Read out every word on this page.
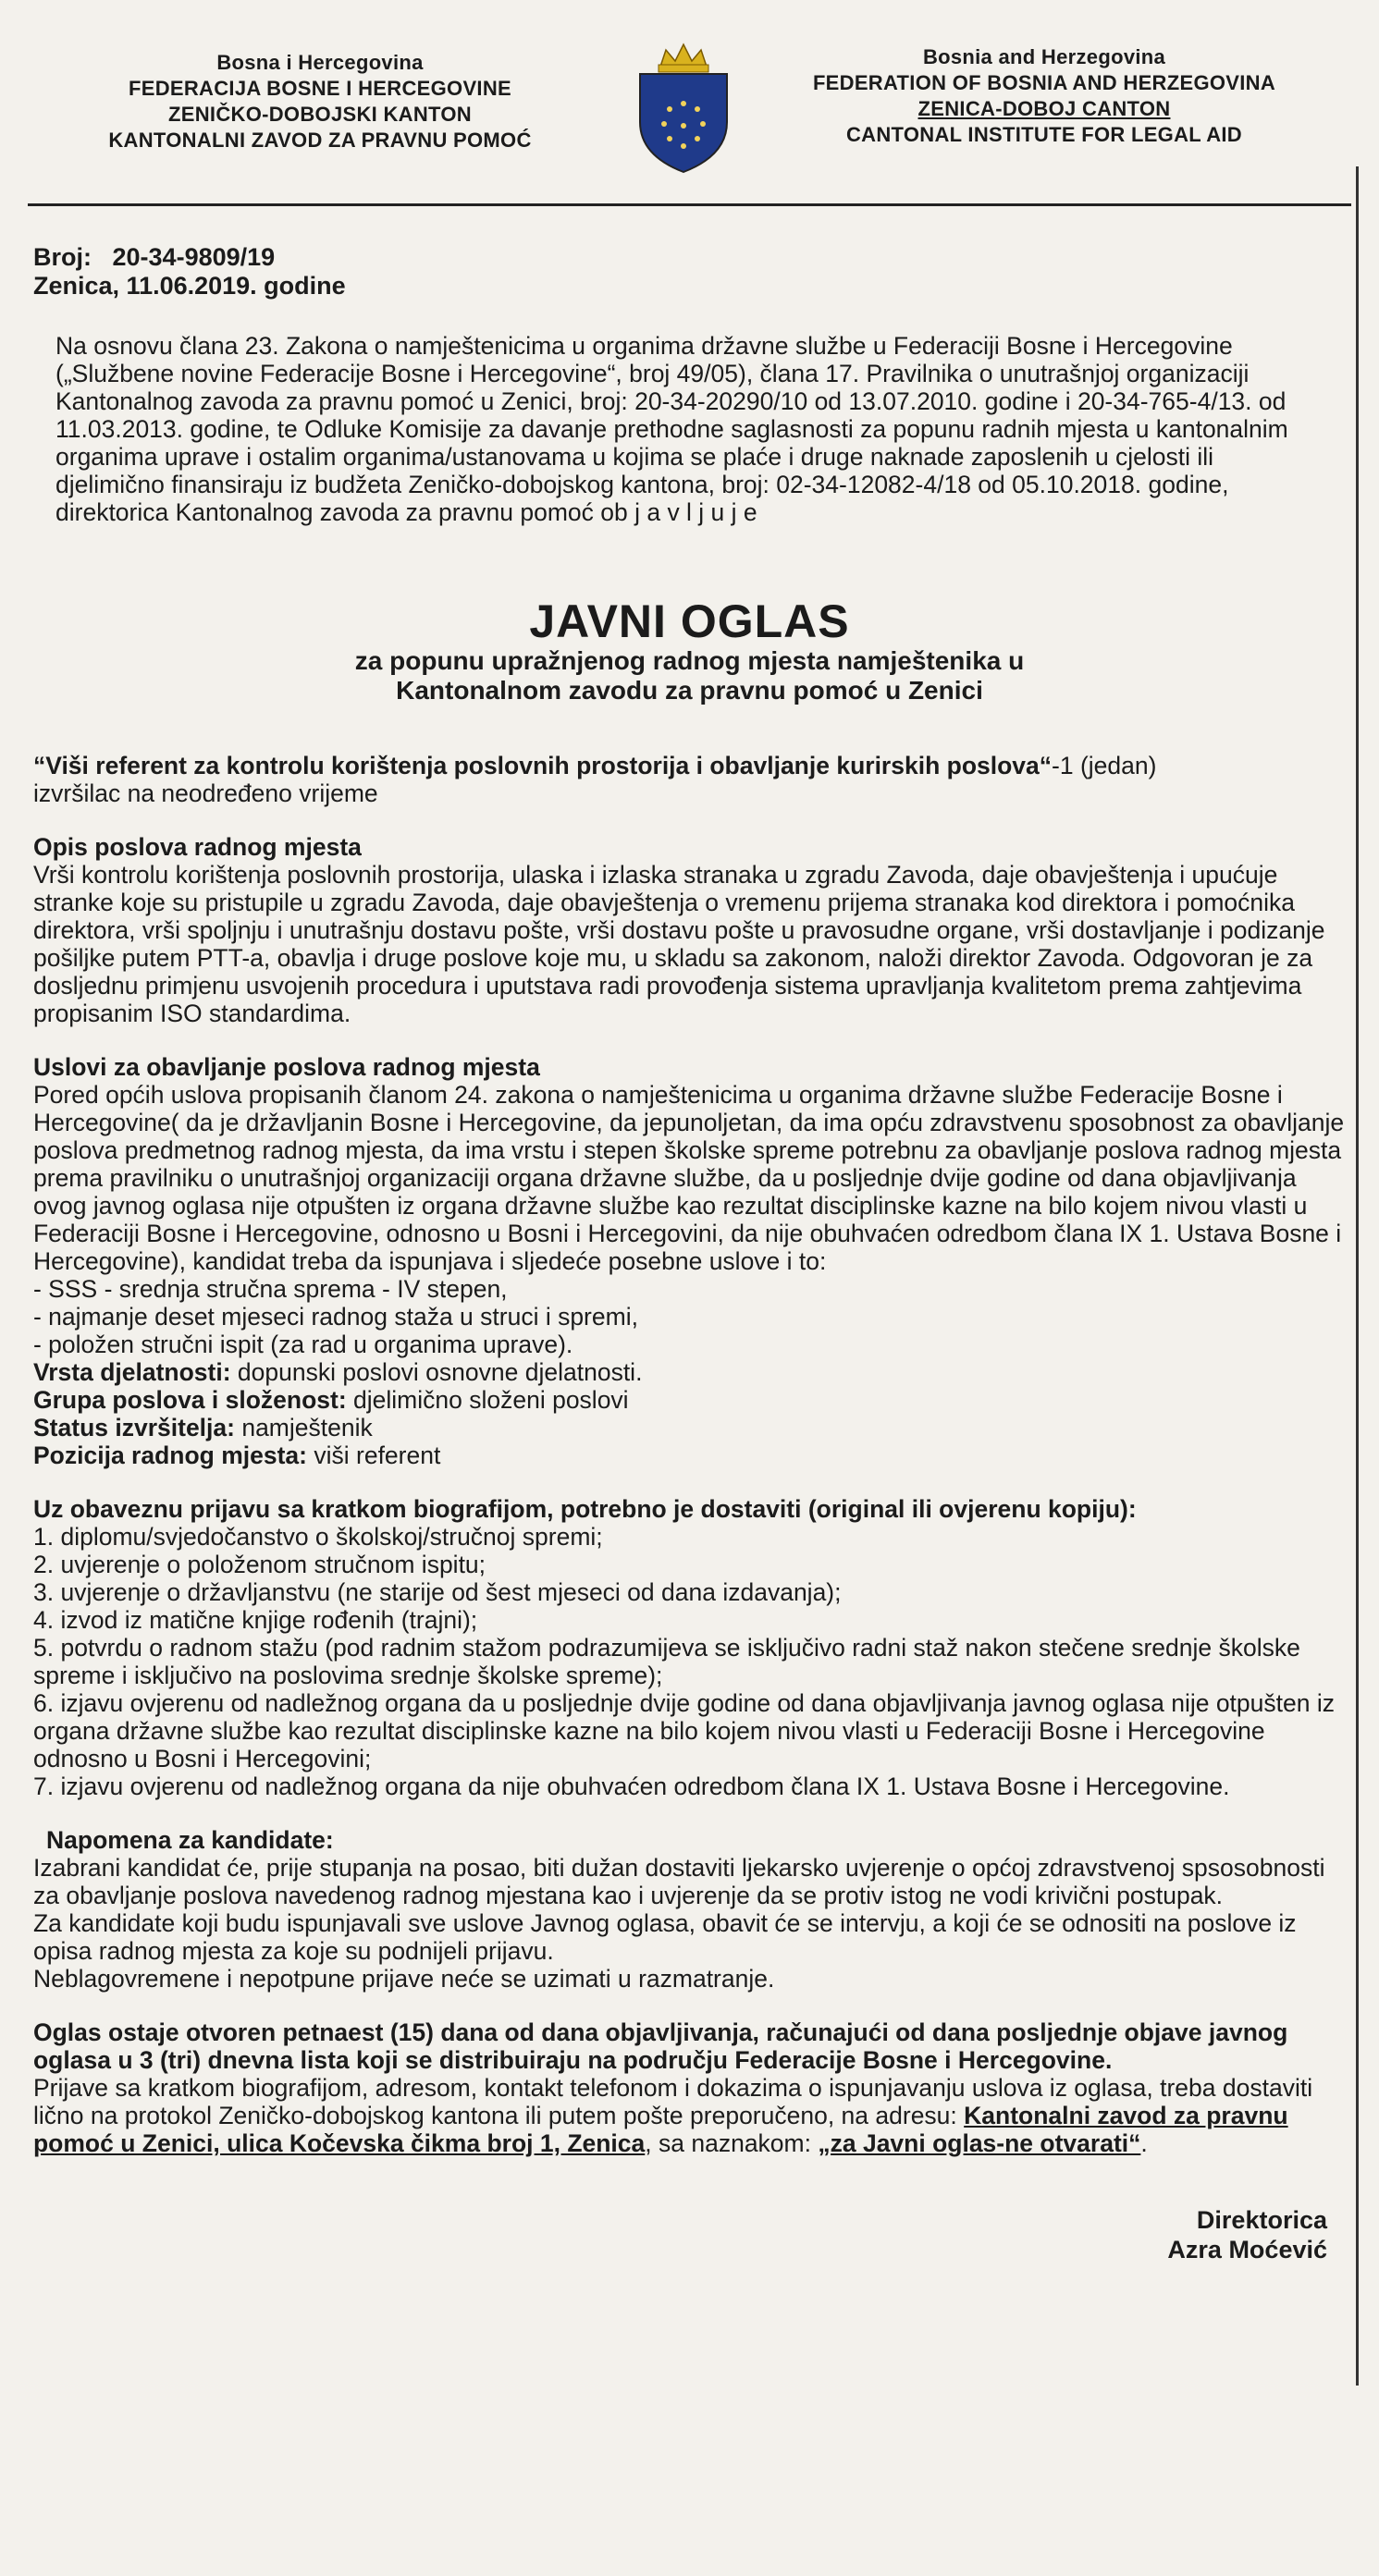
Bosna i Hercegovina
FEDERACIJA BOSNE I HERCEGOVINE
ZENIČKO-DOBOJSKI KANTON
KANTONALNI ZAVOD ZA PRAVNU POMOĆ
Bosnia and Herzegovina
FEDERATION OF BOSNIA AND HERZEGOVINA
ZENICA-DOBOJ CANTON
CANTONAL INSTITUTE FOR LEGAL AID
Broj: 20-34-9809/19
Zenica, 11.06.2019. godine

Na osnovu člana 23. Zakona o namještenicima u organima državne službe u Federaciji Bosne i Hercegovine („Službene novine Federacije Bosne i Hercegovine“, broj 49/05), člana 17. Pravilnika o unutrašnjoj organizaciji Kantonalnog zavoda za pravnu pomoć u Zenici, broj: 20-34-20290/10 od 13.07.2010. godine i 20-34-765-4/13. od 11.03.2013. godine, te Odluke Komisije za davanje prethodne saglasnosti za popunu radnih mjesta u kantonalnim organima uprave i ostalim organima/ustanovama u kojima se plaće i druge naknade zaposlenih u cjelosti ili djelimično finansiraju iz budžeta Zeničko-dobojskog kantona, broj: 02-34-12082-4/18 od 05.10.2018. godine, direktorica Kantonalnog zavoda za pravnu pomoć ob j a v l j u j e

JAVNI OGLAS
za popunu upražnjenog radnog mjesta namještenika u
Kantonalnom zavodu za pravnu pomoć u Zenici
“Viši referent za kontrolu korištenja poslovnih prostorija i obavljanje kurirskih poslova“-1 (jedan)
izvršilac na neodređeno vrijeme
Opis poslova radnog mjesta
Vrši kontrolu korištenja poslovnih prostorija, ulaska i izlaska stranaka u zgradu Zavoda, daje obavještenja i upućuje stranke koje su pristupile u zgradu Zavoda, daje obavještenja o vremenu prijema stranaka kod direktora i pomoćnika direktora, vrši spoljnju i unutrašnju dostavu pošte, vrši dostavu pošte u pravosudne organe, vrši dostavljanje i podizanje pošiljke putem PTT-a, obavlja i druge poslove koje mu, u skladu sa zakonom, naloži direktor Zavoda. Odgovoran je za dosljednu primjenu usvojenih procedura i uputstava radi provođenja sistema upravljanja kvalitetom prema zahtjevima propisanim ISO standardima.
Uslovi za obavljanje poslova radnog mjesta
Pored općih uslova propisanih članom 24. zakona o namještenicima u organima državne službe Federacije Bosne i Hercegovine( da je državljanin Bosne i Hercegovine, da jepunoljetan, da ima opću zdravstvenu sposobnost za obavljanje poslova predmetnog radnog mjesta, da ima vrstu i stepen školske spreme potrebnu za obavljanje poslova radnog mjesta prema pravilniku o unutrašnjoj organizaciji organa državne službe, da u posljednje dvije godine od dana objavljivanja ovog javnog oglasa nije otpušten iz organa državne službe kao rezultat disciplinske kazne na bilo kojem nivou vlasti u Federaciji Bosne i Hercegovine, odnosno u Bosni i Hercegovini, da nije obuhvaćen odredbom člana IX 1. Ustava Bosne i Hercegovine), kandidat treba da ispunjava i sljedeće posebne uslove i to:
- SSS - srednja stručna sprema - IV stepen,
- najmanje deset mjeseci radnog staža u struci i spremi,
- položen stručni ispit (za rad u organima uprave).
Vrsta djelatnosti: dopunski poslovi osnovne djelatnosti.
Grupa poslova i složenost: djelimično složeni poslovi
Status izvršitelja: namještenik
Pozicija radnog mjesta: viši referent
Uz obaveznu prijavu sa kratkom biografijom, potrebno je dostaviti (original ili ovjerenu kopiju):
1. diplomu/svjedočanstvo o školskoj/stručnoj spremi;
2. uvjerenje o položenom stručnom ispitu;
3. uvjerenje o državljanstvu (ne starije od šest mjeseci od dana izdavanja);
4. izvod iz matične knjige rođenih (trajni);
5. potvrdu o radnom stažu (pod radnim stažom podrazumijeva se isključivo radni staž nakon stečene srednje školske spreme i isključivo na poslovima srednje školske spreme);
6. izjavu ovjerenu od nadležnog organa da u posljednje dvije godine od dana objavljivanja javnog oglasa nije otpušten iz organa državne službe kao rezultat disciplinske kazne na bilo kojem nivou vlasti u Federaciji Bosne i Hercegovine odnosno u Bosni i Hercegovini;
7. izjavu ovjerenu od nadležnog organa da nije obuhvaćen odredbom člana IX 1. Ustava Bosne i Hercegovine.
Napomena za kandidate:
Izabrani kandidat će, prije stupanja na posao, biti dužan dostaviti ljekarsko uvjerenje o općoj zdravstvenoj spsosobnosti za obavljanje poslova navedenog radnog mjestana kao i uvjerenje da se protiv istog ne vodi krivični postupak.
Za kandidate koji budu ispunjavali sve uslove Javnog oglasa, obavit će se intervju, a koji će se odnositi na poslove iz opisa radnog mjesta za koje su podnijeli prijavu.
Neblagovremene i nepotpune prijave neće se uzimati u razmatranje.
Oglas ostaje otvoren petnaest (15) dana od dana objavljivanja, računajući od dana posljednje objave javnog oglasa u 3 (tri) dnevna lista koji se distribuiraju na području Federacije Bosne i Hercegovine.
Prijave sa kratkom biografijom, adresom, kontakt telefonom i dokazima o ispunjavanju uslova iz oglasa, treba dostaviti lično na protokol Zeničko-dobojskog kantona ili putem pošte preporučeno, na adresu: Kantonalni zavod za pravnu pomoć u Zenici, ulica Kočevska čikma broj 1, Zenica, sa naznakom: „za Javni oglas-ne otvarati“.
Direktorica
Azra Moćević
